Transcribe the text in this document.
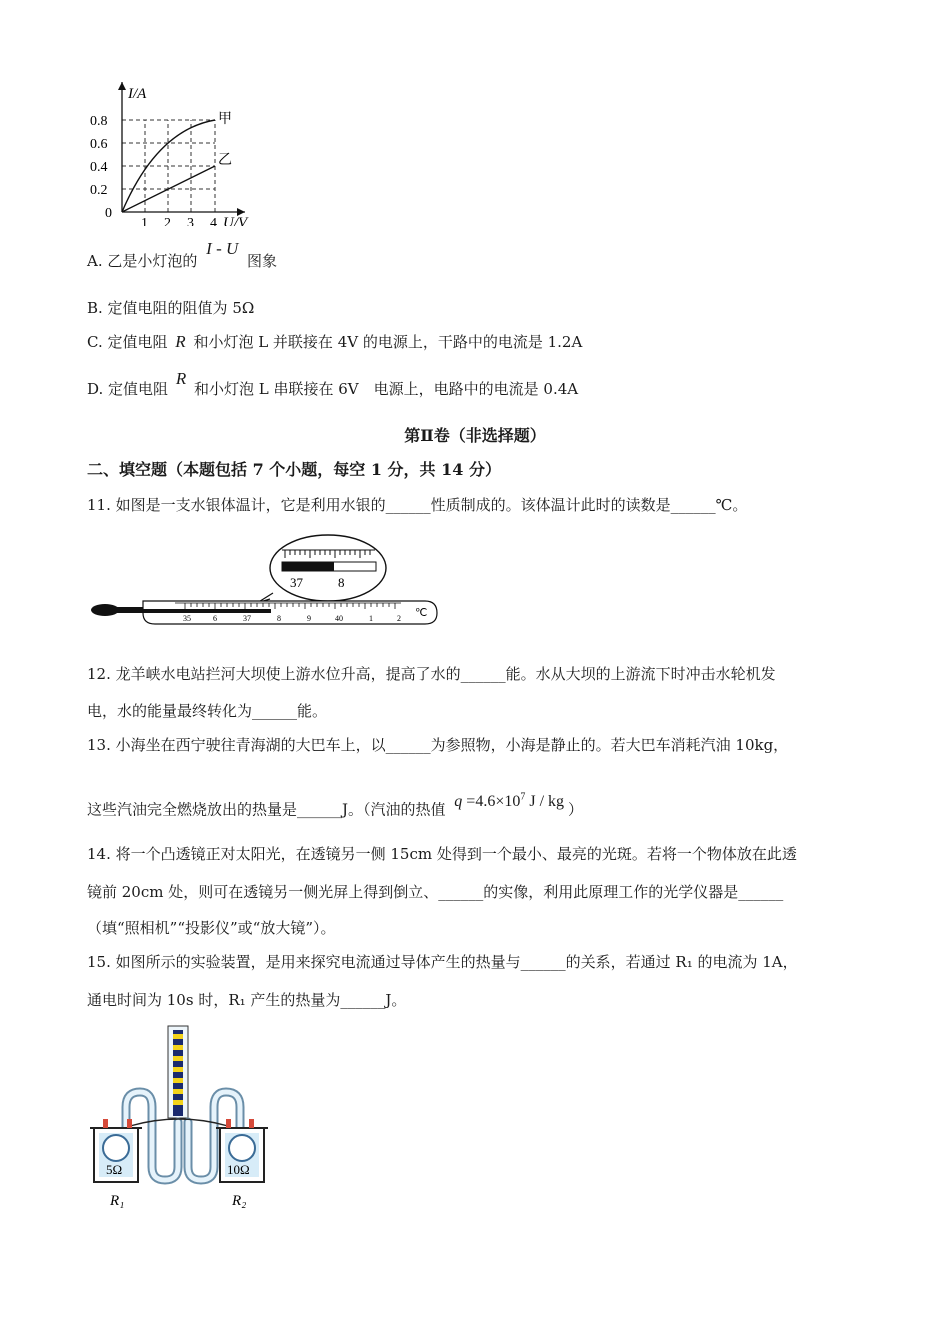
I/A
0.8
0.6
0.4
0.2
0
1 2 3 4 U/V
甲
乙
A. 乙是小灯泡的 I - U 图象
B. 定值电阻的阻值为 5Ω
C. 定值电阻 R 和小灯泡 L 并联接在 4V 的电源上，干路中的电流是 1.2A
D. 定值电阻 R 和小灯泡 L 串联接在 6V　电源上，电路中的电流是 0.4A
第Ⅱ卷（非选择题）
二、填空题（本题包括 7 个小题，每空 1 分，共 14 分）
11. 如图是一支水银体温计，它是利用水银的______性质制成的。该体温计此时的读数是______℃。
37	8
35	6	37	8	9	40	1	2 ℃
12. 龙羊峡水电站拦河大坝使上游水位升高，提高了水的______能。水从大坝的上游流下时冲击水轮机发
电，水的能量最终转化为______能。
13. 小海坐在西宁驶往青海湖的大巴车上，以______为参照物，小海是静止的。若大巴车消耗汽油 10kg，
这些汽油完全燃烧放出的热量是______J。（汽油的热值 $q =4.6\times 10^7$ J / kg ）
14. 将一个凸透镜正对太阳光，在透镜另一侧 15cm 处得到一个最小、最亮的光斑。若将一个物体放在此透
镜前 20cm 处，则可在透镜另一侧光屏上得到倒立、______的实像，利用此原理工作的光学仪器是______
（填“照相机”“投影仪”或“放大镜”）。
15. 如图所示的实验装置，是用来探究电流通过导体产生的热量与______的关系，若通过 R₁ 的电流为 1A，
通电时间为 10s 时，R₁ 产生的热量为______J。
5Ω	10Ω
R₁	R₂
